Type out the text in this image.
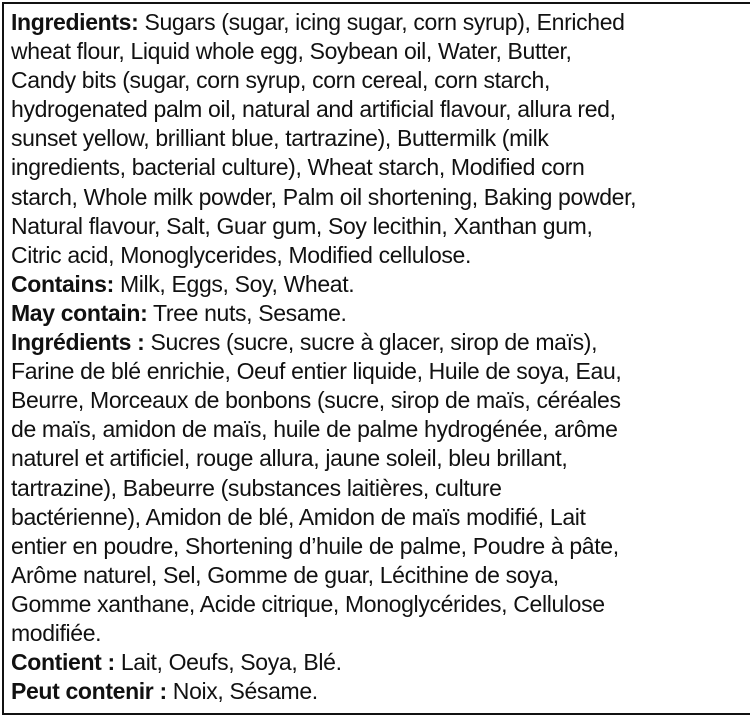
Ingredients: Sugars (sugar, icing sugar, corn syrup), Enriched
wheat flour, Liquid whole egg, Soybean oil, Water, Butter,
Candy bits (sugar, corn syrup, corn cereal, corn starch,
hydrogenated palm oil, natural and artificial flavour, allura red,
sunset yellow, brilliant blue, tartrazine), Buttermilk (milk
ingredients, bacterial culture), Wheat starch, Modified corn
starch, Whole milk powder, Palm oil shortening, Baking powder,
Natural flavour, Salt, Guar gum, Soy lecithin, Xanthan gum,
Citric acid, Monoglycerides, Modified cellulose.
Contains: Milk, Eggs, Soy, Wheat.
May contain: Tree nuts, Sesame.
Ingrédients : Sucres (sucre, sucre à glacer, sirop de maïs),
Farine de blé enrichie, Oeuf entier liquide, Huile de soya, Eau,
Beurre, Morceaux de bonbons (sucre, sirop de maïs, céréales
de maïs, amidon de maïs, huile de palme hydrogénée, arôme
naturel et artificiel, rouge allura, jaune soleil, bleu brillant,
tartrazine), Babeurre (substances laitières, culture
bactérienne), Amidon de blé, Amidon de maïs modifié, Lait
entier en poudre, Shortening d’huile de palme, Poudre à pâte,
Arôme naturel, Sel, Gomme de guar, Lécithine de soya,
Gomme xanthane, Acide citrique, Monoglycérides, Cellulose
modifiée.
Contient : Lait, Oeufs, Soya, Blé.
Peut contenir : Noix, Sésame.
